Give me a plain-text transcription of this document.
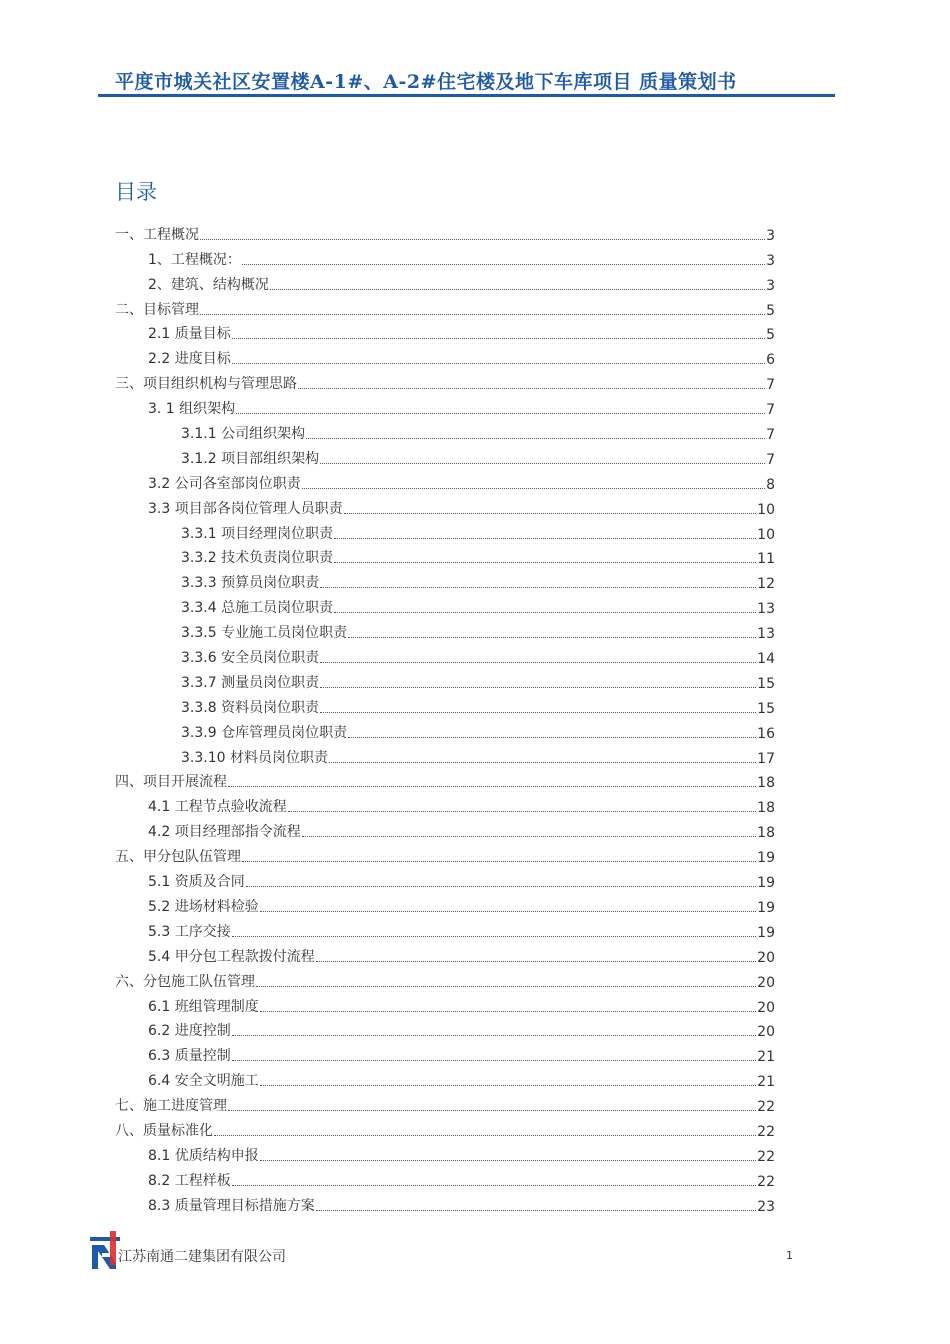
平度市城关社区安置楼A-1#、A-2#住宅楼及地下车库项目 质量策划书
目录
一、工程概况	3
1、工程概况：	3
2、建筑、结构概况	3
二、目标管理	5
2.1 质量目标	5
2.2 进度目标	6
三、项目组织机构与管理思路	7
3. 1 组织架构	7
3.1.1 公司组织架构	7
3.1.2 项目部组织架构	7
3.2 公司各室部岗位职责	8
3.3 项目部各岗位管理人员职责	10
3.3.1 项目经理岗位职责	10
3.3.2 技术负责岗位职责	11
3.3.3 预算员岗位职责	12
3.3.4 总施工员岗位职责	13
3.3.5 专业施工员岗位职责	13
3.3.6 安全员岗位职责	14
3.3.7 测量员岗位职责	15
3.3.8 资料员岗位职责	15
3.3.9 仓库管理员岗位职责	16
3.3.10 材料员岗位职责	17
四、项目开展流程	18
4.1 工程节点验收流程	18
4.2 项目经理部指令流程	18
五、甲分包队伍管理	19
5.1 资质及合同	19
5.2 进场材料检验	19
5.3 工序交接	19
5.4 甲分包工程款拨付流程	20
六、分包施工队伍管理	20
6.1 班组管理制度	20
6.2 进度控制	20
6.3 质量控制	21
6.4 安全文明施工	21
七、施工进度管理	22
八、质量标准化	22
8.1 优质结构申报	22
8.2 工程样板	22
8.3 质量管理目标措施方案	23
江苏南通二建集团有限公司	1
